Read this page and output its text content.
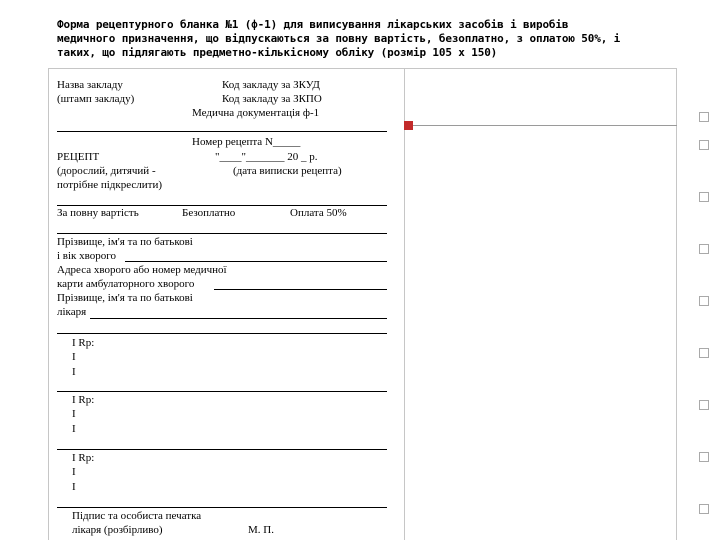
Форма рецептурного бланка №1 (ф-1) для виписування лікарських засобів і виробів
медичного призначення, що відпускаються за повну вартість, безоплатно, з оплатою 50%, і
таких, що підлягають предметно-кількісному обліку (розмір 105 х 150)
Назва закладу
(штамп закладу)
Код закладу за ЗКУД
Код закладу за ЗКПО
Медична документація ф-1
Номер рецепта N_____
РЕЦЕПТ	"____"_______ 20 _ р.
(дорослий, дитячий -	(дата виписки рецепта)
потрібне підкреслити)
За повну вартість	Безоплатно	Оплата 50%
Прізвище, ім'я та по батькові
і вік хворого
Адреса хворого або номер медичної
карти амбулаторного хворого
Прізвище, ім'я та по батькові
лікаря
I Rp:
I
I
I Rp:
I
I
I Rp:
I
I
Підпис та особиста печатка
лікаря (розбірливо)	М. П.
